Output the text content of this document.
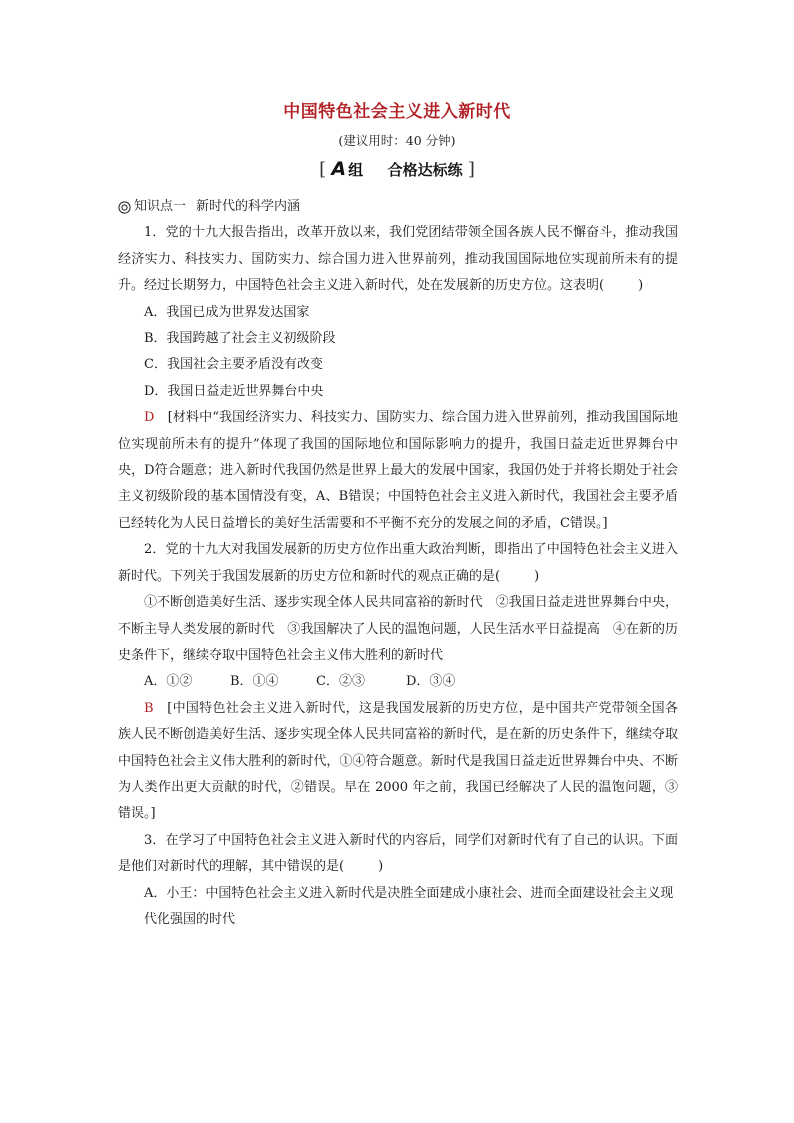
中国特色社会主义进入新时代
(建议用时：40 分钟)
[ A 组 合格达标练 ]

知识点一 新时代的科学内涵

1．党的十九大报告指出，改革开放以来，我们党团结带领全国各族人民不懈奋斗，推动我国经济实力、科技实力、国防实力、综合国力进入世界前列，推动我国国际地位实现前所未有的提升。经过长期努力，中国特色社会主义进入新时代，处在发展新的历史方位。这表明(	)

A．我国已成为世界发达国家

B．我国跨越了社会主义初级阶段

C．我国社会主要矛盾没有改变

D．我国日益走近世界舞台中央

D　 [材料中“我国经济实力、科技实力、国防实力、综合国力进入世界前列，推动我国国际地位实现前所未有的提升”体现了我国的国际地位和国际影响力的提升，我国日益走近世界舞台中央，D符合题意；进入新时代我国仍然是世界上最大的发展中国家，我国仍处于并将长期处于社会主义初级阶段的基本国情没有变，A、B错误；中国特色社会主义进入新时代，我国社会主要矛盾已经转化为人民日益增长的美好生活需要和不平衡不充分的发展之间的矛盾，C错误。]

2．党的十九大对我国发展新的历史方位作出重大政治判断，即指出了中国特色社会主义进入新时代。下列关于我国发展新的历史方位和新时代的观点正确的是(	)

①不断创造美好生活、逐步实现全体人民共同富裕的新时代　②我国日益走进世界舞台中央，不断主导人类发展的新时代　③我国解决了人民的温饱问题，人民生活水平日益提高　④在新的历史条件下，继续夺取中国特色社会主义伟大胜利的新时代

A．①②	B．①④	C．②③	D．③④

B　 [中国特色社会主义进入新时代，这是我国发展新的历史方位，是中国共产党带领全国各族人民不断创造美好生活、逐步实现全体人民共同富裕的新时代，是在新的历史条件下，继续夺取中国特色社会主义伟大胜利的新时代，①④符合题意。新时代是我国日益走近世界舞台中央、不断为人类作出更大贡献的时代，②错误。早在 2000 年之前，我国已经解决了人民的温饱问题，③错误。]

3．在学习了中国特色社会主义进入新时代的内容后，同学们对新时代有了自己的认识。下面是他们对新时代的理解，其中错误的是(	)

A．小王：中国特色社会主义进入新时代是决胜全面建成小康社会、进而全面建设社会主义现代化强国的时代
